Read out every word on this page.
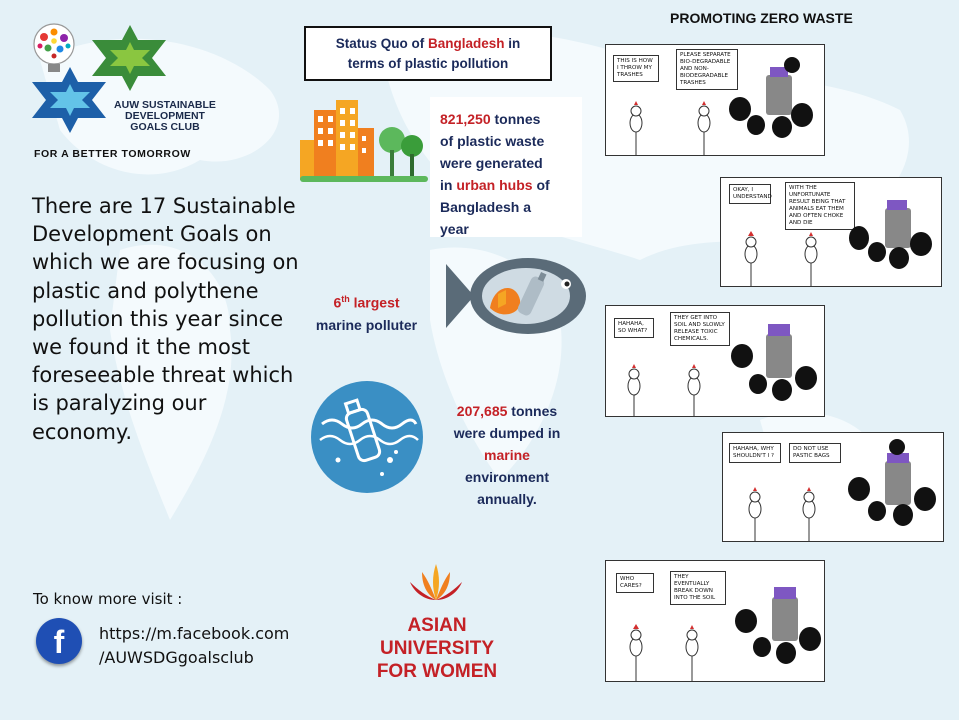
AUW SUSTAINABLE DEVELOPMENT GOALS CLUB
FOR A BETTER TOMORROW
There are 17 Sustainable Development Goals on which we are focusing on plastic and polythene pollution this year since we found it the most foreseeable threat which is paralyzing our economy.
To know more visit :
f	https://m.facebook.com
/AUWSDGgoalsclub
Status Quo of Bangladesh in
terms of plastic pollution
821,250 tonnes
of plastic waste
were generated
in urban hubs of
Bangladesh a
year
6th largest
marine polluter
207,685 tonnes
were dumped in
marine
environment
annually.
ASIAN UNIVERSITY
FOR WOMEN
PROMOTING ZERO WASTE
THIS IS HOW I THROW MY TRASHES
PLEASE SEPARATE BIO-DEGRADABLE AND NON-BIODEGRADABLE TRASHES
OKAY, I UNDERSTAND
WITH THE UNFORTUNATE RESULT BEING THAT ANIMALS EAT THEM AND OFTEN CHOKE AND DIE
HAHAHA, SO WHAT?
THEY GET INTO SOIL AND SLOWLY RELEASE TOXIC CHEMICALS.
HAHAHA, WHY SHOULDN'T I ?
DO NOT USE PASTIC BAGS
WHO CARES?
THEY EVENTUALLY BREAK DOWN INTO THE SOIL
